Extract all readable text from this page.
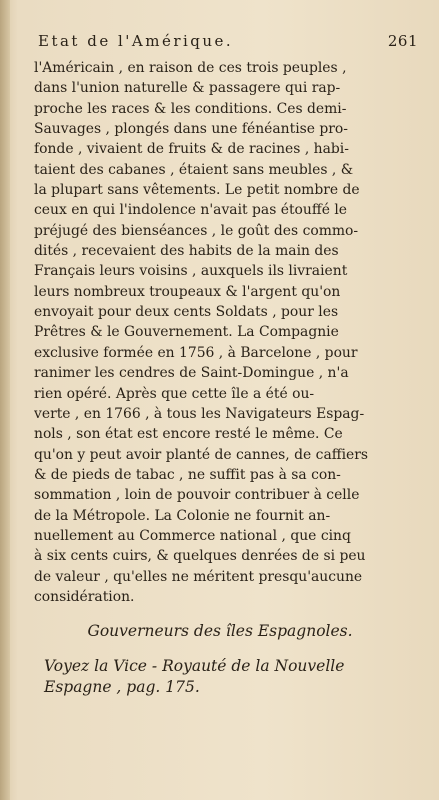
Etat de l'Amérique.	261
l'Américain , en raison de ces trois peuples ,
dans l'union naturelle & passagere qui rap-
proche les races & les conditions. Ces demi-
Sauvages , plongés dans une fénéantise pro-
fonde , vivaient de fruits & de racines , habi-
taient des cabanes , étaient sans meubles , &
la plupart sans vêtements. Le petit nombre de
ceux en qui l'indolence n'avait pas étouffé le
préjugé des bienséances , le goût des commo-
dités , recevaient des habits de la main des
Français leurs voisins , auxquels ils livraient
leurs nombreux troupeaux & l'argent qu'on
envoyait pour deux cents Soldats , pour les
Prêtres & le Gouvernement. La Compagnie
exclusive formée en 1756 , à Barcelone , pour
ranimer les cendres de Saint-Domingue , n'a
rien opéré. Après que cette île a été ou-
verte , en 1766 , à tous les Navigateurs Espag-
nols , son état est encore resté le même. Ce
qu'on y peut avoir planté de cannes, de caffiers
& de pieds de tabac , ne suffit pas à sa con-
sommation , loin de pouvoir contribuer à celle
de la Métropole. La Colonie ne fournit an-
nuellement au Commerce national , que cinq
à six cents cuirs, & quelques denrées de si peu
de valeur , qu'elles ne méritent presqu'aucune
considération.
Gouverneurs des îles Espagnoles.
Voyez la Vice - Royauté de la Nouvelle
Espagne , pag. 175.
